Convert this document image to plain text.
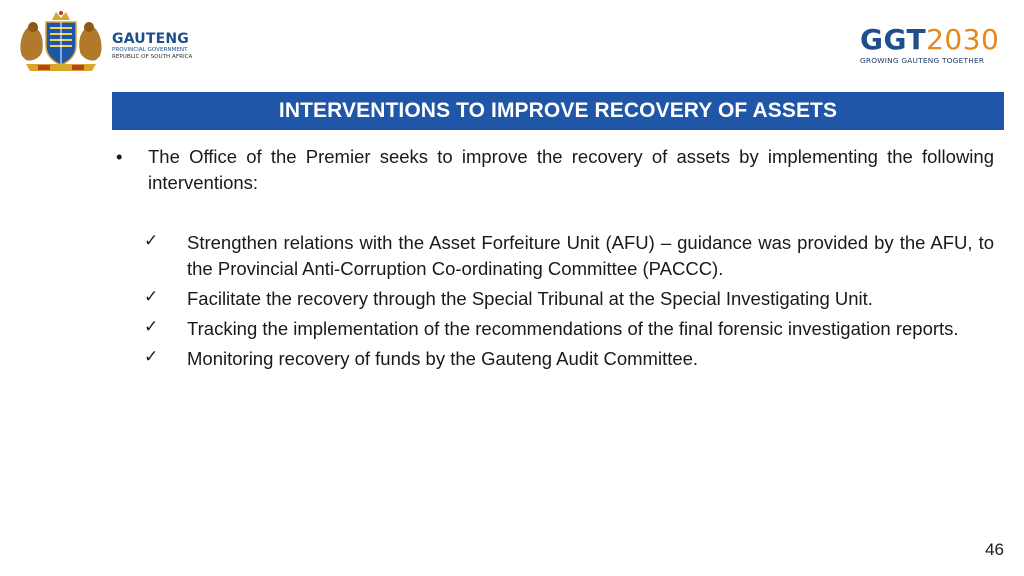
GAUTENG
PROVINCIAL GOVERNMENT
REPUBLIC OF SOUTH AFRICA
GGT2030
GROWING GAUTENG TOGETHER
INTERVENTIONS TO IMPROVE RECOVERY OF ASSETS
• The Office of the Premier seeks to improve the recovery of assets by implementing the following interventions:
✓ Strengthen relations with the Asset Forfeiture Unit (AFU) – guidance was provided by the AFU, to the Provincial Anti-Corruption Co-ordinating Committee (PACCC).
✓ Facilitate the recovery through the Special Tribunal at the Special Investigating Unit.
✓ Tracking the implementation of the recommendations of the final forensic investigation reports.
✓ Monitoring recovery of funds by the Gauteng Audit Committee.
46
